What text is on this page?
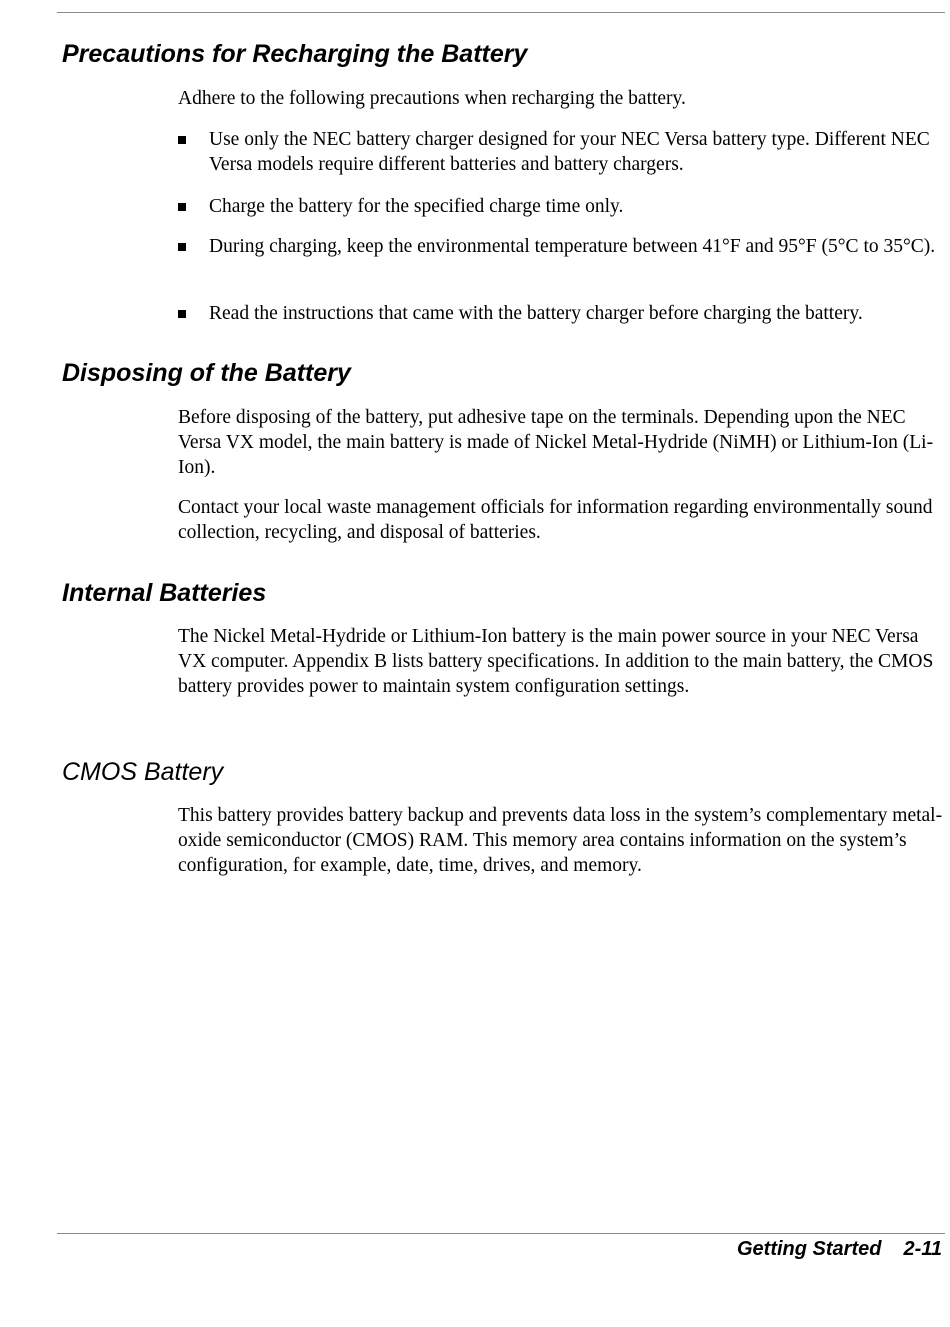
Precautions for Recharging the Battery

Adhere to the following precautions when recharging the battery.

Use only the NEC battery charger designed for your NEC Versa battery type. Different NEC Versa models require different batteries and battery chargers.
Charge the battery for the specified charge time only.
During charging, keep the environmental temperature between 41°F and 95°F (5°C to 35°C).
Read the instructions that came with the battery charger before charging the battery.
Disposing of the Battery

Before disposing of the battery, put adhesive tape on the terminals. Depending upon the NEC Versa VX model, the main battery is made of Nickel Metal-Hydride (NiMH) or Lithium-Ion (Li-Ion).

Contact your local waste management officials for information regarding environmentally sound collection, recycling, and disposal of batteries.

Internal Batteries

The Nickel Metal-Hydride or Lithium-Ion battery is the main power source in your NEC Versa VX computer. Appendix B lists battery specifications. In addition to the main battery, the CMOS battery provides power to maintain system configuration settings.

CMOS Battery

This battery provides battery backup and prevents data loss in the system’s complementary metal-oxide semiconductor (CMOS) RAM. This memory area contains information on the system’s configuration, for example, date, time, drives, and memory.

Getting Started 2-11
